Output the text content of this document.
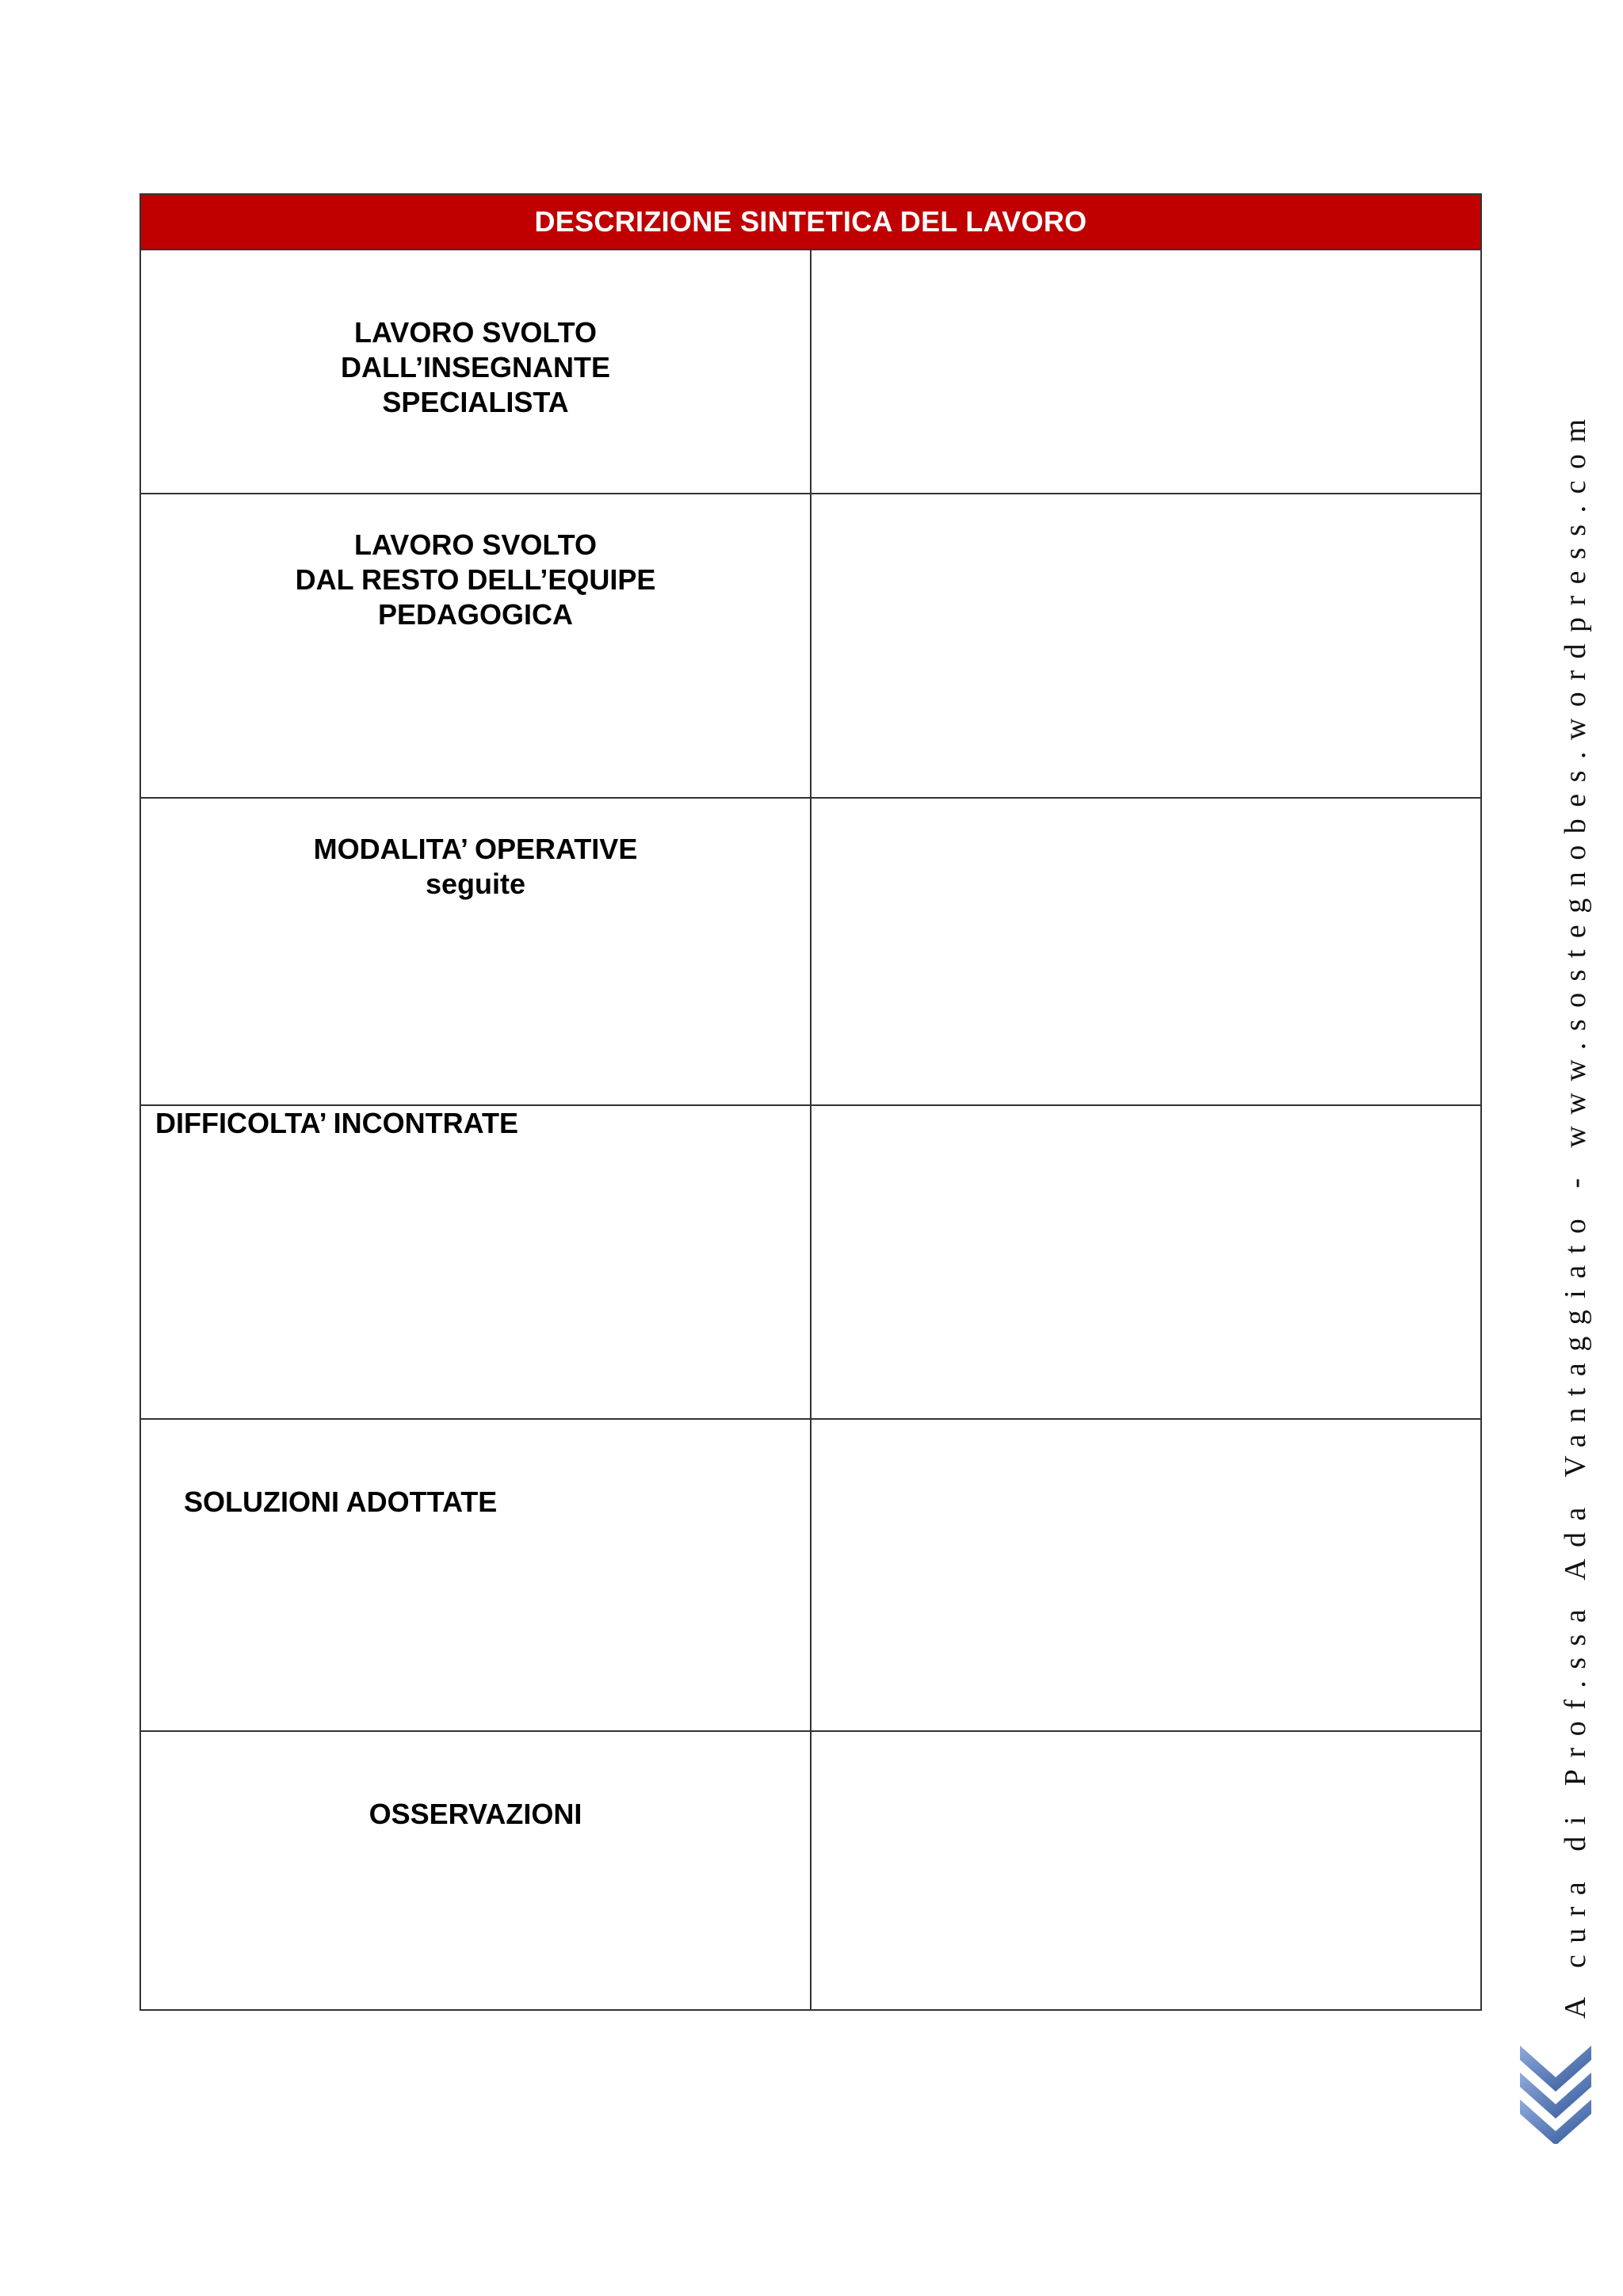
DESCRIZIONE SINTETICA DEL LAVORO	
LAVORO SVOLTO
DALL’INSEGNANTE
SPECIALISTA	
LAVORO SVOLTO
DAL RESTO DELL’EQUIPE
PEDAGOGICA	
MODALITA’ OPERATIVE
seguite	
DIFFICOLTA’ INCONTRATE	
SOLUZIONI ADOTTATE	
OSSERVAZIONI		A cura di Prof.ssa Ada Vantaggiato - www.sostegnobes.wordpress.com
